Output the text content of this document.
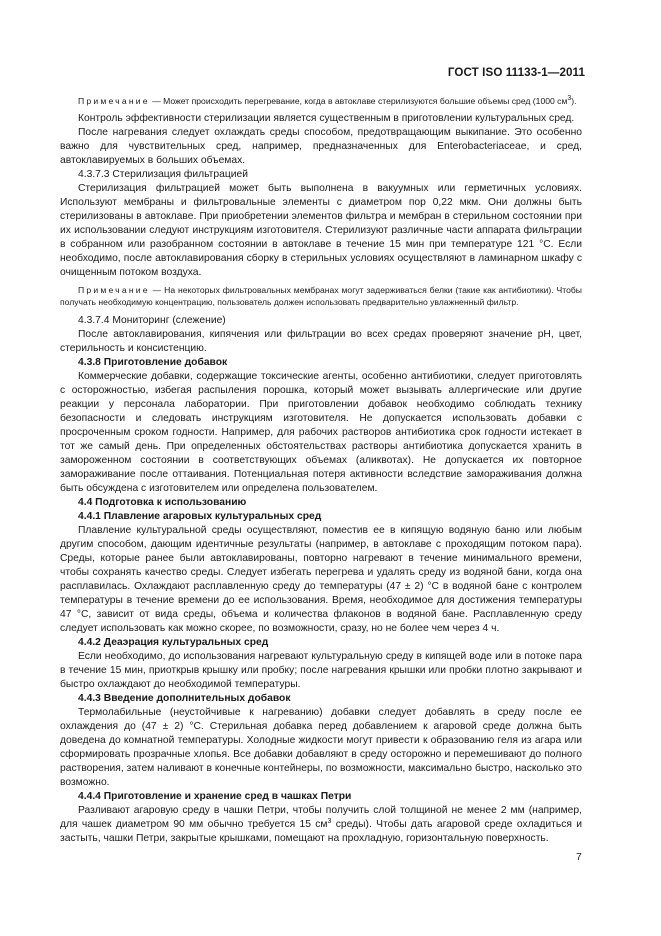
ГОСТ ISO 11133-1—2011

Примечание — Может происходить перегревание, когда в автоклаве стерилизуются большие объемы сред (1000 $см^3$).

Контроль эффективности стерилизации является существенным в приготовлении культуральных сред.

После нагревания следует охлаждать среды способом, предотвращающим выкипание. Это особенно важно для чувствительных сред, например, предназначенных для Enterobacteriaceae, и сред, автоклавируемых в больших объемах.

4.3.7.3 Стерилизация фильтрацией

Стерилизация фильтрацией может быть выполнена в вакуумных или герметичных условиях. Используют мембраны и фильтровальные элементы с диаметром пор 0,22 мкм. Они должны быть стерилизованы в автоклаве. При приобретении элементов фильтра и мембран в стерильном состоянии при их использовании следуют инструкциям изготовителя. Стерилизуют различные части аппарата фильтрации в собранном или разобранном состоянии в автоклаве в течение 15 мин при температуре 121 °С. Если необходимо, после автоклавирования сборку в стерильных условиях осуществляют в ламинарном шкафу с очищенным потоком воздуха.

Примечание — На некоторых фильтровальных мембранах могут задерживаться белки (такие как антибиотики). Чтобы получать необходимую концентрацию, пользователь должен использовать предварительно увлажненный фильтр.

4.3.7.4 Мониторинг (слежение)

После автоклавирования, кипячения или фильтрации во всех средах проверяют значение рН, цвет, стерильность и консистенцию.

4.3.8 Приготовление добавок

Коммерческие добавки, содержащие токсические агенты, особенно антибиотики, следует приготовлять с осторожностью, избегая распыления порошка, который может вызывать аллергические или другие реакции у персонала лаборатории. При приготовлении добавок необходимо соблюдать технику безопасности и следовать инструкциям изготовителя. Не допускается использовать добавки с просроченным сроком годности. Например, для рабочих растворов антибиотика срок годности истекает в тот же самый день. При определенных обстоятельствах растворы антибиотика допускается хранить в замороженном состоянии в соответствующих объемах (аликвотах). Не допускается их повторное замораживание после оттаивания. Потенциальная потеря активности вследствие замораживания должна быть обсуждена с изготовителем или определена пользователем.

4.4 Подготовка к использованию

4.4.1 Плавление агаровых культуральных сред

Плавление культуральной среды осуществляют, поместив ее в кипящую водяную баню или любым другим способом, дающим идентичные результаты (например, в автоклаве с проходящим потоком пара). Среды, которые ранее были автоклавированы, повторно нагревают в течение минимального времени, чтобы сохранять качество среды. Следует избегать перегрева и удалять среду из водяной бани, когда она расплавилась. Охлаждают расплавленную среду до температуры (47 ± 2) °С в водяной бане с контролем температуры в течение времени до ее использования. Время, необходимое для достижения температуры 47 °С, зависит от вида среды, объема и количества флаконов в водяной бане. Расплавленную среду следует использовать как можно скорее, по возможности, сразу, но не более чем через 4 ч.

4.4.2 Деаэрация культуральных сред

Если необходимо, до использования нагревают культуральную среду в кипящей воде или в потоке пара в течение 15 мин, приоткрыв крышку или пробку; после нагревания крышки или пробки плотно закрывают и быстро охлаждают до необходимой температуры.

4.4.3 Введение дополнительных добавок

Термолабильные (неустойчивые к нагреванию) добавки следует добавлять в среду после ее охлаждения до (47 ± 2) °С. Стерильная добавка перед добавлением к агаровой среде должна быть доведена до комнатной температуры. Холодные жидкости могут привести к образованию геля из агара или сформировать прозрачные хлопья. Все добавки добавляют в среду осторожно и перемешивают до полного растворения, затем наливают в конечные контейнеры, по возможности, максимально быстро, насколько это возможно.

4.4.4 Приготовление и хранение сред в чашках Петри

Разливают агаровую среду в чашки Петри, чтобы получить слой толщиной не менее 2 мм (например, для чашек диаметром 90 мм обычно требуется 15 $см^3$ среды). Чтобы дать агаровой среде охладиться и застыть, чашки Петри, закрытые крышками, помещают на прохладную, горизонтальную поверхность.

7
